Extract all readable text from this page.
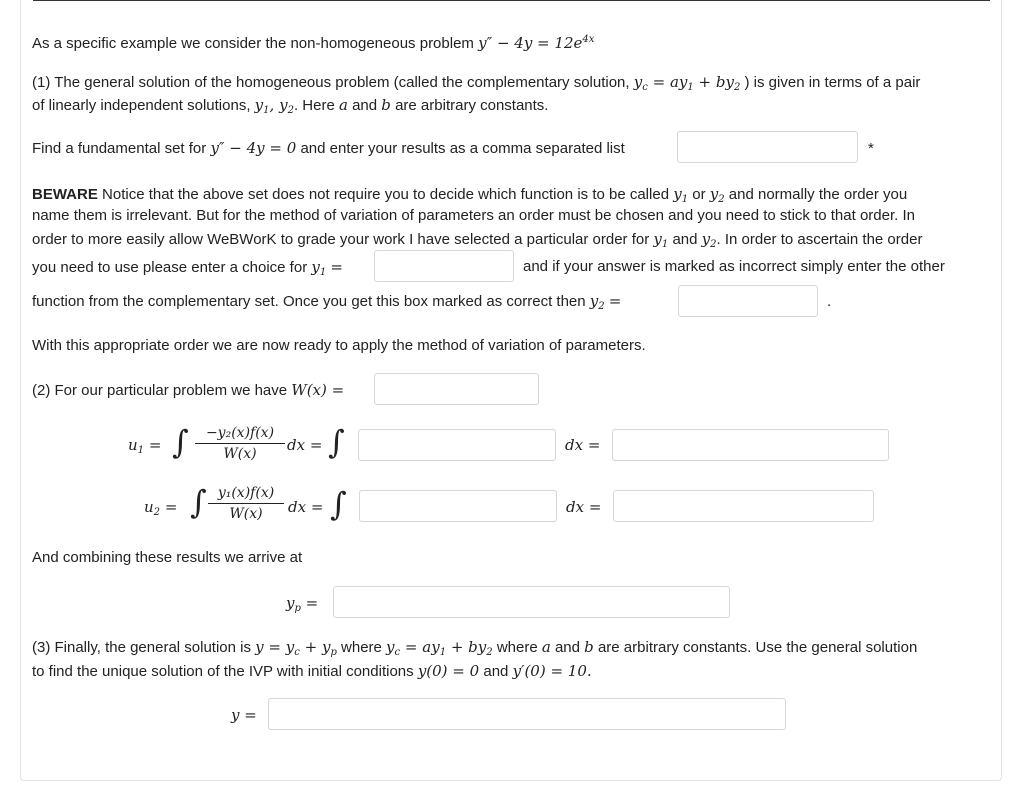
As a specific example we consider the non-homogeneous problem $y'' - 4y = 12e^{4x}$
(1) The general solution of the homogeneous problem (called the complementary solution, $y_c = ay_1 + by_2$ ) is given in terms of a pair
of linearly independent solutions, $y_1$, $y_2$. Here a and b are arbitrary constants.
Find a fundamental set for y″ − 4y = 0 and enter your results as a comma separated list	*
BEWARE Notice that the above set does not require you to decide which function is to be called $y_1$ or $y_2$ and normally the order you
name them is irrelevant. But for the method of variation of parameters an order must be chosen and you need to stick to that order. In
order to more easily allow WeBWorK to grade your work I have selected a particular order for $y_1$ and $y_2$. In order to ascertain the order
you need to use please enter a choice for $y_1$ =	and if your answer is marked as incorrect simply enter the other
function from the complementary set. Once you get this box marked as correct then $y_2$ =	.
With this appropriate order we are now ready to apply the method of variation of parameters.
(2) For our particular problem we have W(x) =
$u_1$ = ∫	−y₂(x)f(x)
W(x)	dx = ∫	dx =
$u_2$ = ∫ y₁(x)f(x)
W(x)	dx = ∫	dx =
And combining these results we arrive at
$y_p$ =
(3) Finally, the general solution is $y = y_c + y_p$ where $y_c = ay_1 + by_2$ where a and b are arbitrary constants. Use the general solution
to find the unique solution of the IVP with initial conditions y(0) = 0 and y′(0) = 10.
y =
